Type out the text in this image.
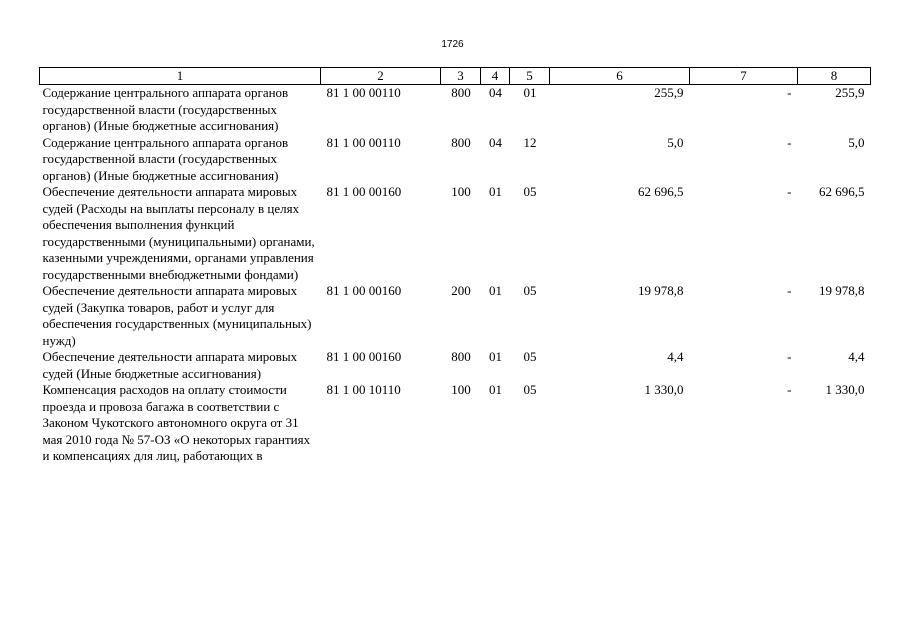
1726
1	2	3	4	5	6	7	8
Содержание центрального аппарата органов государственной власти (государственных органов) (Иные бюджетные ассигнования)	81 1 00 00110	800	04	01	255,9	-	255,9
Содержание центрального аппарата органов государственной власти (государственных органов) (Иные бюджетные ассигнования)	81 1 00 00110	800	04	12	5,0	-	5,0
Обеспечение деятельности аппарата мировых судей (Расходы на выплаты персоналу в целях обеспечения выполнения функций государственными (муниципальными) органами, казенными учреждениями, органами управления государственными внебюджетными фондами)	81 1 00 00160	100	01	05	62 696,5	-	62 696,5
Обеспечение деятельности аппарата мировых судей (Закупка товаров, работ и услуг для обеспечения государственных (муниципальных) нужд)	81 1 00 00160	200	01	05	19 978,8	-	19 978,8
Обеспечение деятельности аппарата мировых судей (Иные бюджетные ассигнования)	81 1 00 00160	800	01	05	4,4	-	4,4
Компенсация расходов на оплату стоимости проезда и провоза багажа в соответствии с Законом Чукотского автономного округа от 31 мая 2010 года № 57-ОЗ «О некоторых гарантиях и компенсациях для лиц, работающих в	81 1 00 10110	100	01	05	1 330,0	-	1 330,0
